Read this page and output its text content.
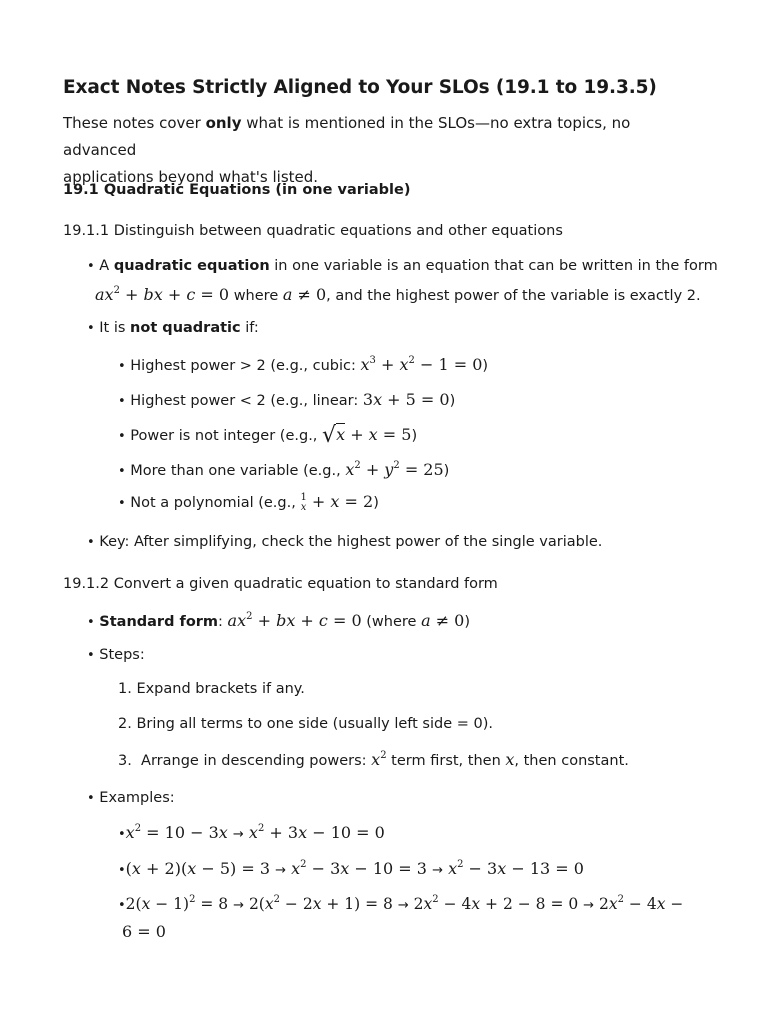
Exact Notes Strictly Aligned to Your SLOs (19.1 to 19.3.5)
These notes cover only what is mentioned in the SLOs—no extra topics, no advanced
applications beyond what's listed.
19.1 Quadratic Equations (in one variable)
19.1.1 Distinguish between quadratic equations and other equations
• A quadratic equation in one variable is an equation that can be written in the form
$ax^2$ + bx + c = 0 where a ≠ 0, and the highest power of the variable is exactly 2.
• It is not quadratic if:
• Highest power > 2 (e.g., cubic: $x^3 + x^2 - 1 = 0$)
• Highest power < 2 (e.g., linear: 3x + 5 = 0)
• Power is not integer (e.g., √x + x = 5)
• More than one variable (e.g., $x^2 + y^2 = 25$)
• Not a polynomial (e.g., 1
x + x = 2)
• Key: After simplifying, check the highest power of the single variable.
19.1.2 Convert a given quadratic equation to standard form
• Standard form: $ax^2$ + bx + c = 0 (where a ≠ 0)
• Steps:
1. Expand brackets if any.
2. Bring all terms to one side (usually left side = 0).
3.  Arrange in descending powers: $x^2$ term first, then x, then constant.
• Examples:
$•x^2 = 10 - 3x \to x^2 + 3x - 10 = 0$
•(x + $2)(x - 5) = 3 \to x^2 - 3x - 10 = 3 \to x^2 - 3x - 13 = 0$
•2(x − $1)^2 = 8 \to 2(x^2 - 2x + 1) = 8 \to 2x^2 - 4x + 2 - 8 = 0 \to 2x^2 - 4x$ −
6 = 0
